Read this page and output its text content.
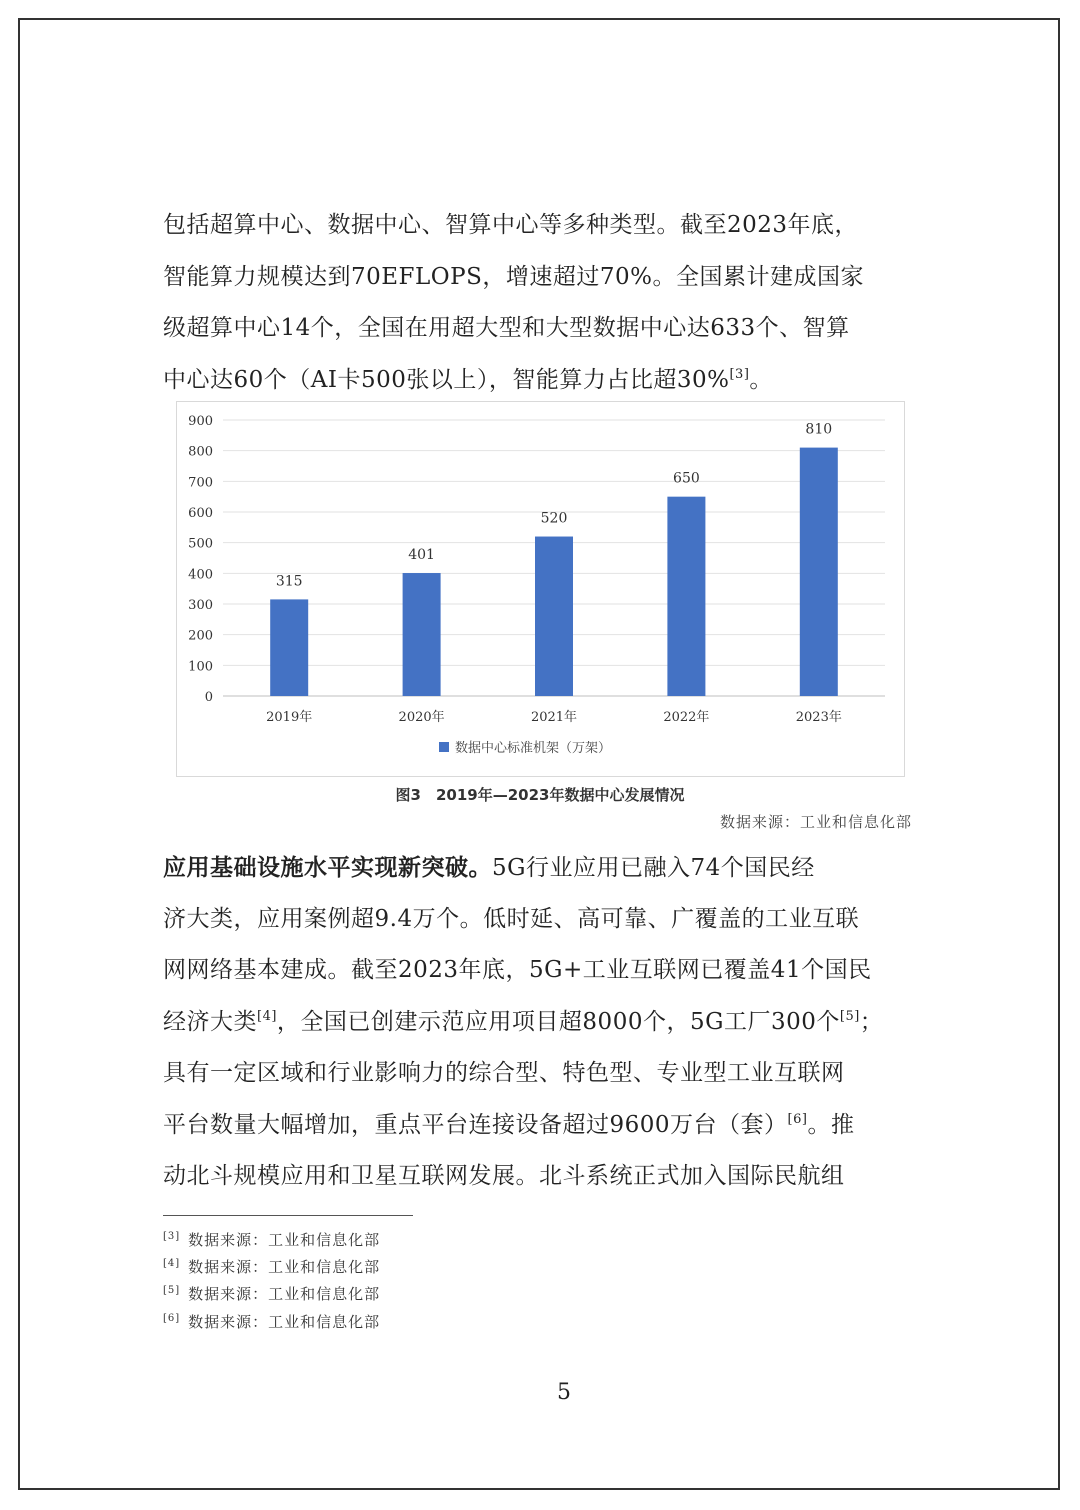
包括超算中心、数据中心、智算中心等多种类型。截至2023年底，
智能算力规模达到70EFLOPS，增速超过70%。全国累计建成国家
级超算中心14个，全国在用超大型和大型数据中心达633个、智算
中心达60个（AI卡500张以上），智能算力占比超30%[3]。
0
100
200
300
400
500
600
700
800
900
315
2019年
401
2020年
520
2021年
650
2022年
810
2023年
数据中心标准机架（万架）
图3　2019年—2023年数据中心发展情况
数据来源：工业和信息化部
应用基础设施水平实现新突破。5G行业应用已融入74个国民经
济大类，应用案例超9.4万个。低时延、高可靠、广覆盖的工业互联
网网络基本建成。截至2023年底，5G+工业互联网已覆盖41个国民
经济大类[4]，全国已创建示范应用项目超8000个，5G工厂300个[5]；
具有一定区域和行业影响力的综合型、特色型、专业型工业互联网
平台数量大幅增加，重点平台连接设备超过9600万台（套）[6]。推
动北斗规模应用和卫星互联网发展。北斗系统正式加入国际民航组
[3] 数据来源：工业和信息化部
[4] 数据来源：工业和信息化部
[5] 数据来源：工业和信息化部
[6] 数据来源：工业和信息化部
5
